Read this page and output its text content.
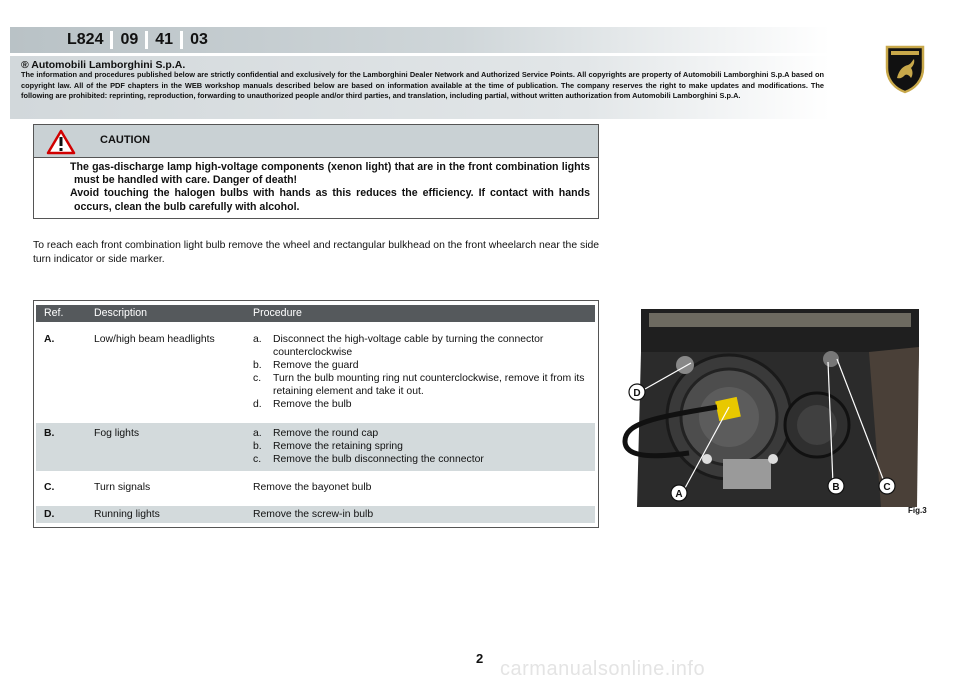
L824	09	41	03
® Automobili Lamborghini S.p.A.
The information and procedures published below are strictly confidential and exclusively for the Lamborghini Dealer Network and Authorized Service Points. All copyrights are property of Automobili Lamborghini S.p.A based on copyright law. All of the PDF chapters in the WEB workshop manuals described below are based on information available at the time of publication. The company reserves the right to make updates and modifications. The following are prohibited: reprinting, reproduction, forwarding to unauthorized people and/or third parties, and translation, including partial, without written authorization from Automobili Lamborghini S.p.A.
CAUTION

The gas-discharge lamp high-voltage components (xenon light) that are in the front combination lights must be handled with care. Danger of death!

Avoid touching the halogen bulbs with hands as this reduces the efficiency. If contact with hands occurs, clean the bulb carefully with alcohol.

To reach each front combination light bulb remove the wheel and rectangular bulkhead on the front wheelarch near the side turn indicator or side marker.
Ref.	Description	Procedure
A.	Low/high beam headlights	a. Disconnect the high-voltage cable by turning the connector counterclockwise
b. Remove the guard
c. Turn the bulb mounting ring nut counterclockwise, remove it from its retaining element and take it out.
d. Remove the bulb
B.	Fog lights	a. Remove the round cap
b. Remove the retaining spring
c. Remove the bulb disconnecting the connector
C.	Turn signals	Remove the bayonet bulb
D.	Running lights	Remove the screw-in bulb
D
A
B	C
Fig.3
2 carmanualsonline.info
